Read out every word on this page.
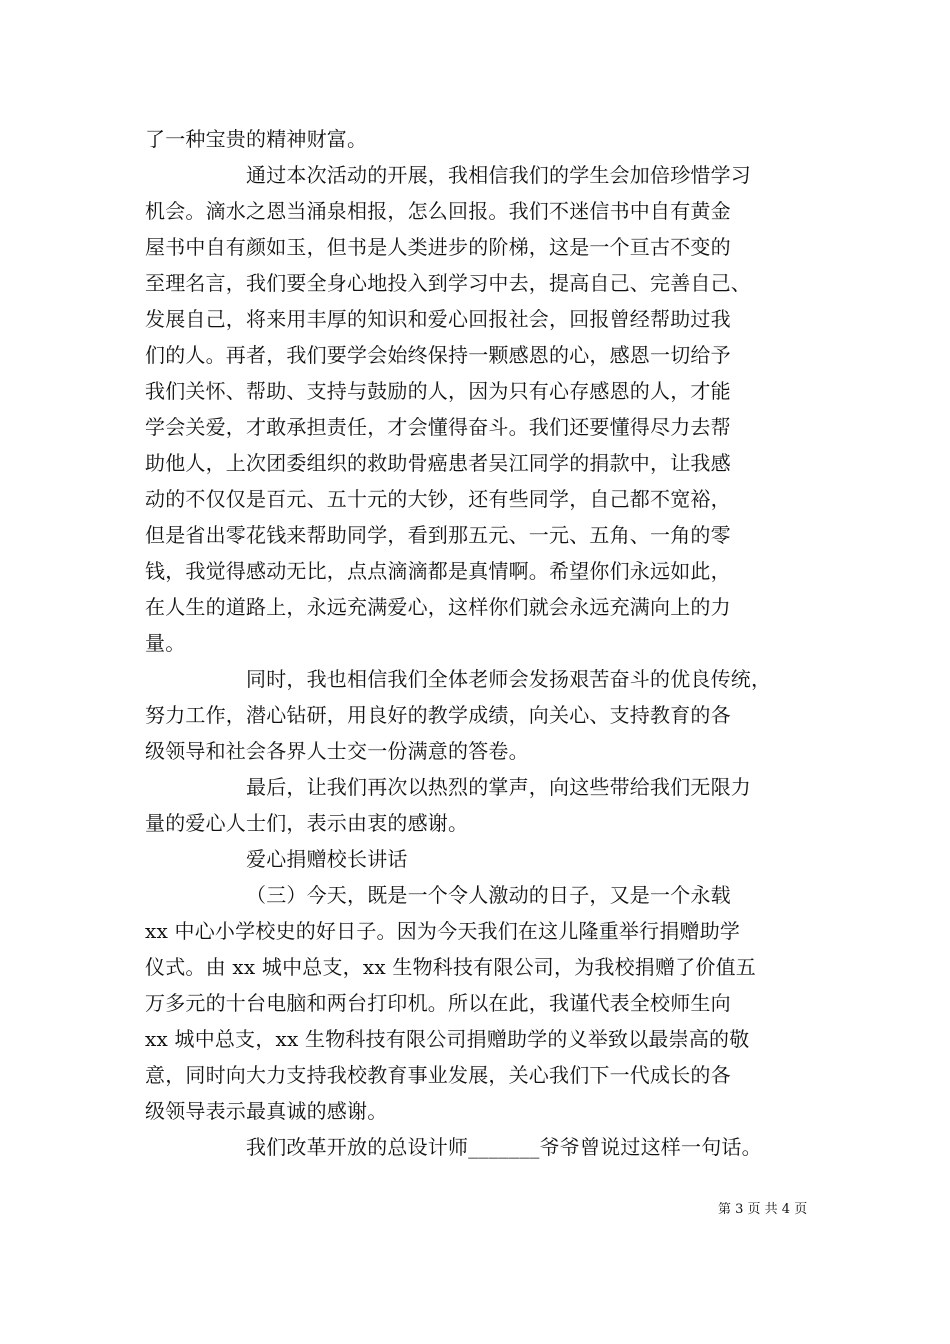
了一种宝贵的精神财富。
通过本次活动的开展，我相信我们的学生会加倍珍惜学习
机会。滴水之恩当涌泉相报，怎么回报。我们不迷信书中自有黄金
屋书中自有颜如玉，但书是人类进步的阶梯，这是一个亘古不变的
至理名言，我们要全身心地投入到学习中去，提高自己、完善自己、
发展自己，将来用丰厚的知识和爱心回报社会，回报曾经帮助过我
们的人。再者，我们要学会始终保持一颗感恩的心，感恩一切给予
我们关怀、帮助、支持与鼓励的人，因为只有心存感恩的人，才能
学会关爱，才敢承担责任，才会懂得奋斗。我们还要懂得尽力去帮
助他人，上次团委组织的救助骨癌患者吴江同学的捐款中，让我感
动的不仅仅是百元、五十元的大钞，还有些同学，自己都不宽裕，
但是省出零花钱来帮助同学，看到那五元、一元、五角、一角的零
钱，我觉得感动无比，点点滴滴都是真情啊。希望你们永远如此，
在人生的道路上，永远充满爱心，这样你们就会永远充满向上的力
量。
同时，我也相信我们全体老师会发扬艰苦奋斗的优良传统，
努力工作，潜心钻研，用良好的教学成绩，向关心、支持教育的各
级领导和社会各界人士交一份满意的答卷。
最后，让我们再次以热烈的掌声，向这些带给我们无限力
量的爱心人士们，表示由衷的感谢。
爱心捐赠校长讲话
（三）今天，既是一个令人激动的日子，又是一个永载
xx 中心小学校史的好日子。因为今天我们在这儿隆重举行捐赠助学
仪式。由 xx 城中总支，xx 生物科技有限公司，为我校捐赠了价值五
万多元的十台电脑和两台打印机。所以在此，我谨代表全校师生向
xx 城中总支，xx 生物科技有限公司捐赠助学的义举致以最崇高的敬
意，同时向大力支持我校教育事业发展，关心我们下一代成长的各
级领导表示最真诚的感谢。
我们改革开放的总设计师_______爷爷曾说过这样一句话。
第 3 页 共 4 页
